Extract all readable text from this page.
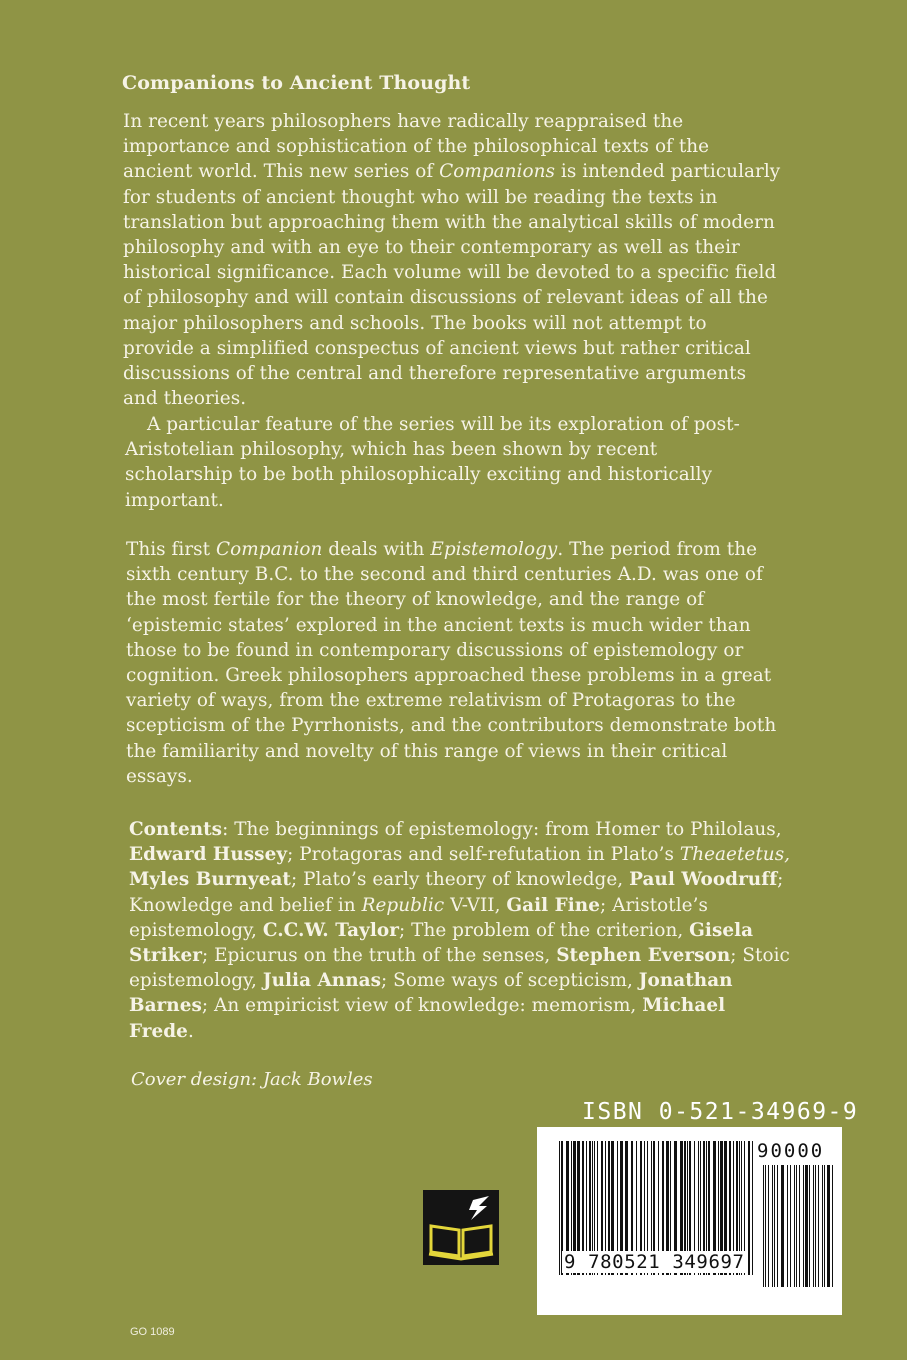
Companions to Ancient Thought
In recent years philosophers have radically reappraised the
importance and sophistication of the philosophical texts of the
ancient world. This new series of Companions is intended particularly
for students of ancient thought who will be reading the texts in
translation but approaching them with the analytical skills of modern
philosophy and with an eye to their contemporary as well as their
historical significance. Each volume will be devoted to a specific field
of philosophy and will contain discussions of relevant ideas of all the
major philosophers and schools. The books will not attempt to
provide a simplified conspectus of ancient views but rather critical
discussions of the central and therefore representative arguments
and theories.
A particular feature of the series will be its exploration of post-
Aristotelian philosophy, which has been shown by recent
scholarship to be both philosophically exciting and historically
important.
This first Companion deals with Epistemology. The period from the
sixth century B.C. to the second and third centuries A.D. was one of
the most fertile for the theory of knowledge, and the range of
‘epistemic states’ explored in the ancient texts is much wider than
those to be found in contemporary discussions of epistemology or
cognition. Greek philosophers approached these problems in a great
variety of ways, from the extreme relativism of Protagoras to the
scepticism of the Pyrrhonists, and the contributors demonstrate both
the familiarity and novelty of this range of views in their critical
essays.
Contents: The beginnings of epistemology: from Homer to Philolaus,
Edward Hussey; Protagoras and self-refutation in Plato’s Theaetetus,
Myles Burnyeat; Plato’s early theory of knowledge, Paul Woodruff;
Knowledge and belief in Republic V-VII, Gail Fine; Aristotle’s
epistemology, C.C.W. Taylor; The problem of the criterion, Gisela
Striker; Epicurus on the truth of the senses, Stephen Everson; Stoic
epistemology, Julia Annas; Some ways of scepticism, Jonathan
Barnes; An empiricist view of knowledge: memorism, Michael
Frede.
Cover design: Jack Bowles
ISBN 0-521-34969-9
90000
9 780521 349697
GO 1089
